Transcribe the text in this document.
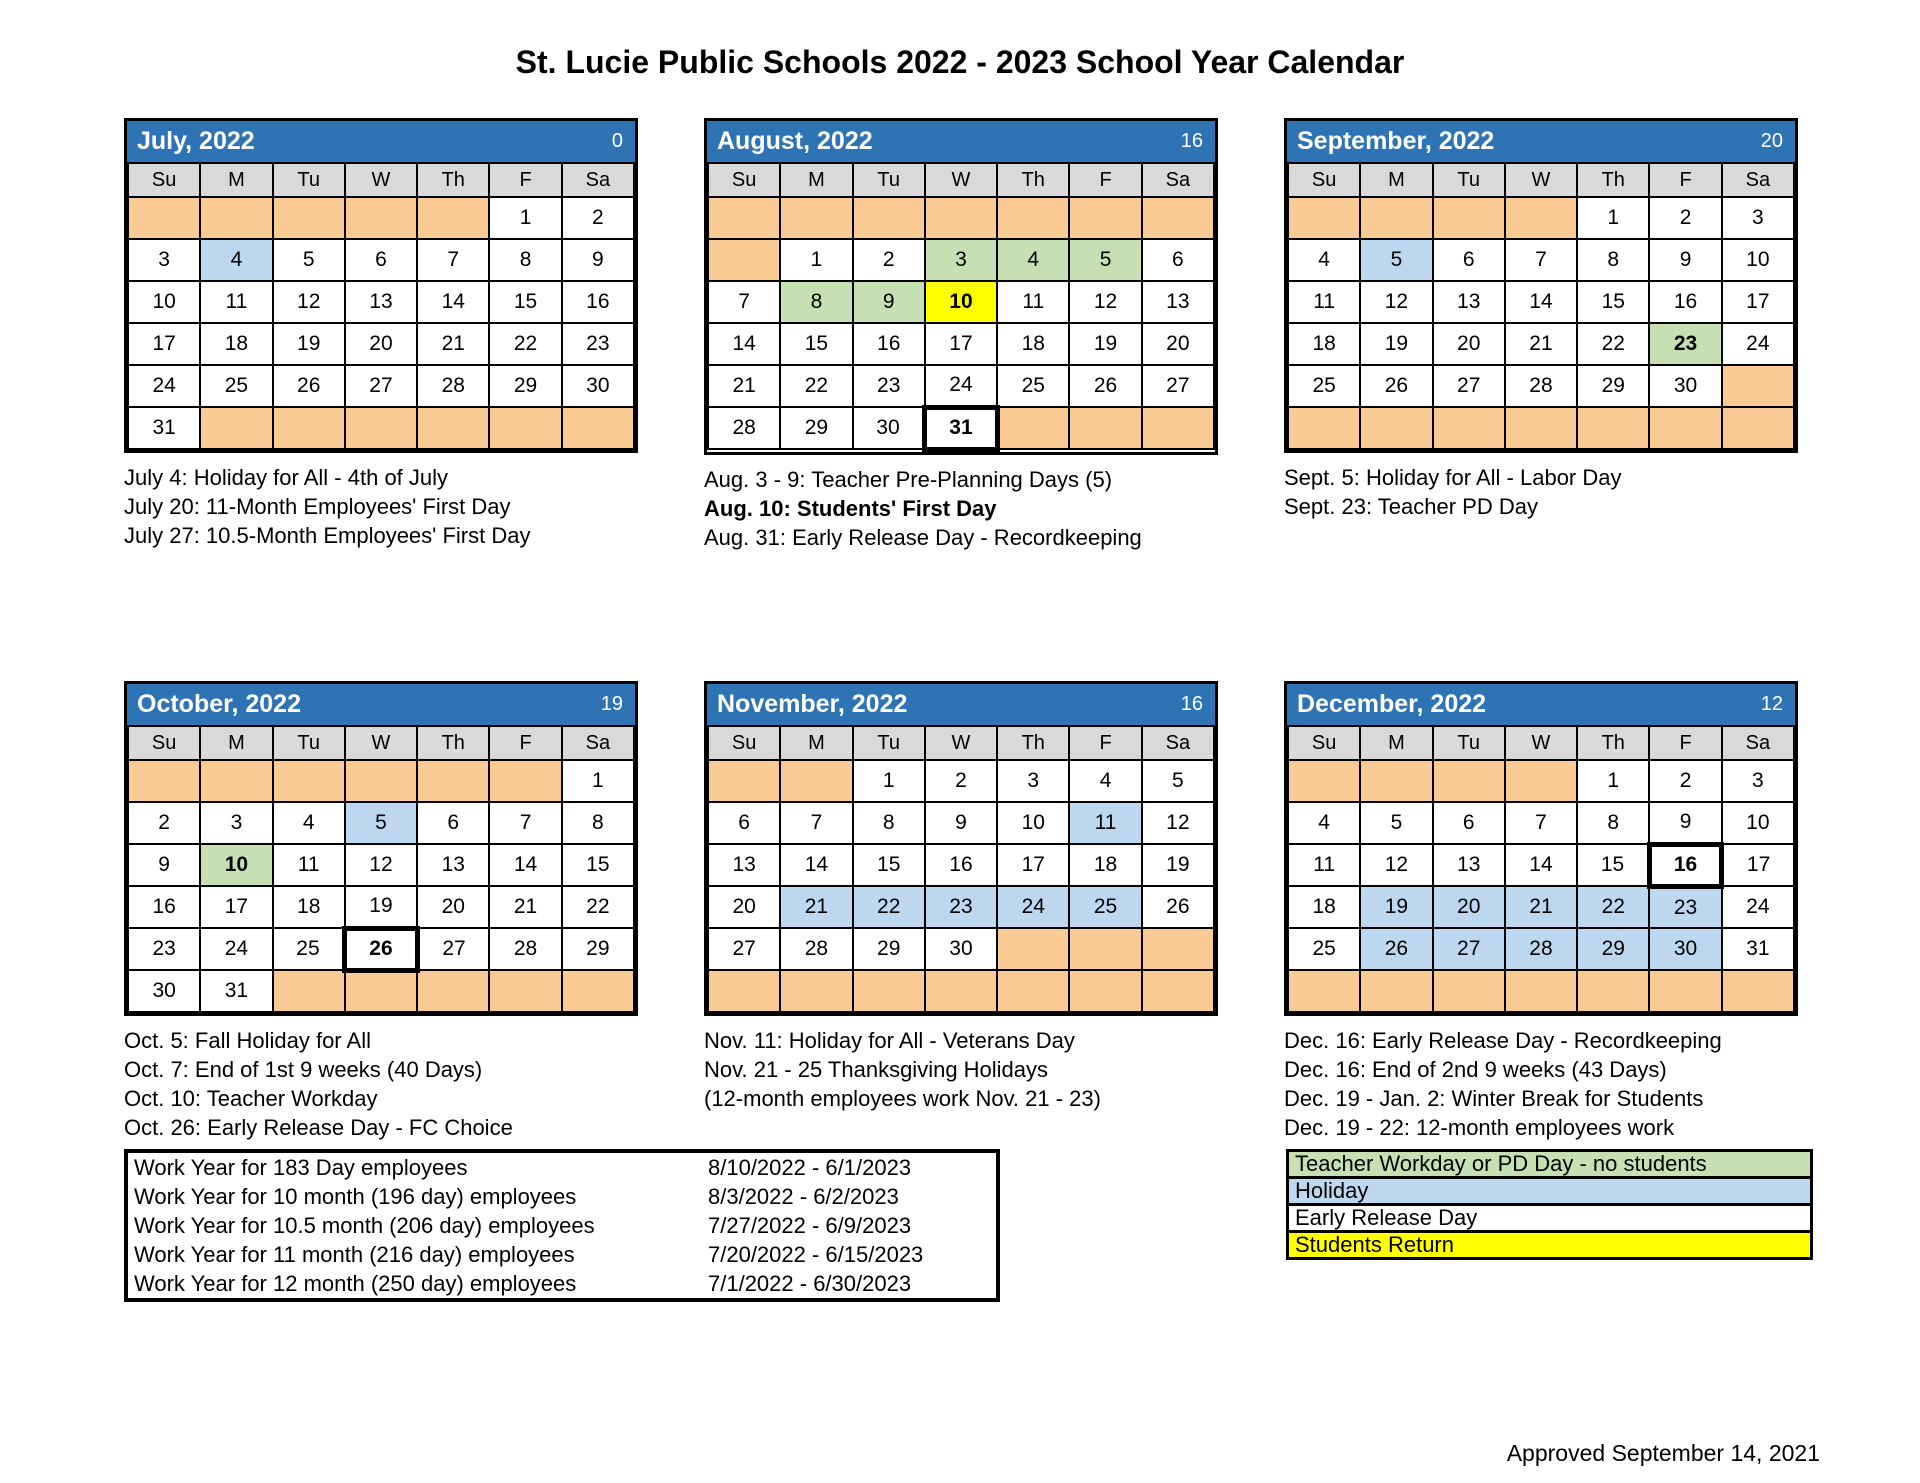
St. Lucie Public Schools 2022 - 2023 School Year Calendar
July, 2022	0
Su	M	Tu	W	Th	F	Sa
					1	2
3	4	5	6	7	8	9
10	11	12	13	14	15	16
17	18	19	20	21	22	23
24	25	26	27	28	29	30
31						
July 4: Holiday for All - 4th of July
July 20: 11-Month Employees' First Day
July 27: 10.5-Month Employees' First Day
August, 2022	16
Su	M	Tu	W	Th	F	Sa

	1	2	3	4	5	6
7	8	9	10	11	12	13
14	15	16	17	18	19	20
21	22	23	24	25	26	27
28	29	30	31			
Aug. 3 - 9: Teacher Pre-Planning Days (5)
Aug. 10: Students' First Day
Aug. 31: Early Release Day - Recordkeeping
September, 2022	20
Su	M	Tu	W	Th	F	Sa
				1	2	3
4	5	6	7	8	9	10
11	12	13	14	15	16	17
18	19	20	21	22	23	24
25	26	27	28	29	30	

Sept. 5: Holiday for All - Labor Day
Sept. 23: Teacher PD Day
October, 2022	19
Su	M	Tu	W	Th	F	Sa
						1
2	3	4	5	6	7	8
9	10	11	12	13	14	15
16	17	18	19	20	21	22
23	24	25	26	27	28	29
30	31					
Oct. 5: Fall Holiday for All
Oct. 7: End of 1st 9 weeks (40 Days)
Oct. 10: Teacher Workday
Oct. 26: Early Release Day - FC Choice
November, 2022	16
Su	M	Tu	W	Th	F	Sa
		1	2	3	4	5
6	7	8	9	10	11	12
13	14	15	16	17	18	19
20	21	22	23	24	25	26
27	28	29	30			

Nov. 11: Holiday for All - Veterans Day
Nov. 21 - 25 Thanksgiving Holidays
(12-month employees work Nov. 21 - 23)
December, 2022	12
Su	M	Tu	W	Th	F	Sa
				1	2	3
4	5	6	7	8	9	10
11	12	13	14	15	16	17
18	19	20	21	22	23	24
25	26	27	28	29	30	31

Dec. 16: Early Release Day - Recordkeeping
Dec. 16: End of 2nd 9 weeks (43 Days)
Dec. 19 - Jan. 2: Winter Break for Students
Dec. 19 - 22: 12-month employees work
Work Year for 183 Day employees	8/10/2022 - 6/1/2023
Work Year for 10 month (196 day) employees	8/3/2022 - 6/2/2023
Work Year for 10.5 month (206 day) employees	7/27/2022 - 6/9/2023
Work Year for 11 month (216 day) employees	7/20/2022 - 6/15/2023
Work Year for 12 month (250 day) employees	7/1/2022 - 6/30/2023
Teacher Workday or PD Day - no students
Holiday
Early Release Day
Students Return
Approved September 14, 2021
